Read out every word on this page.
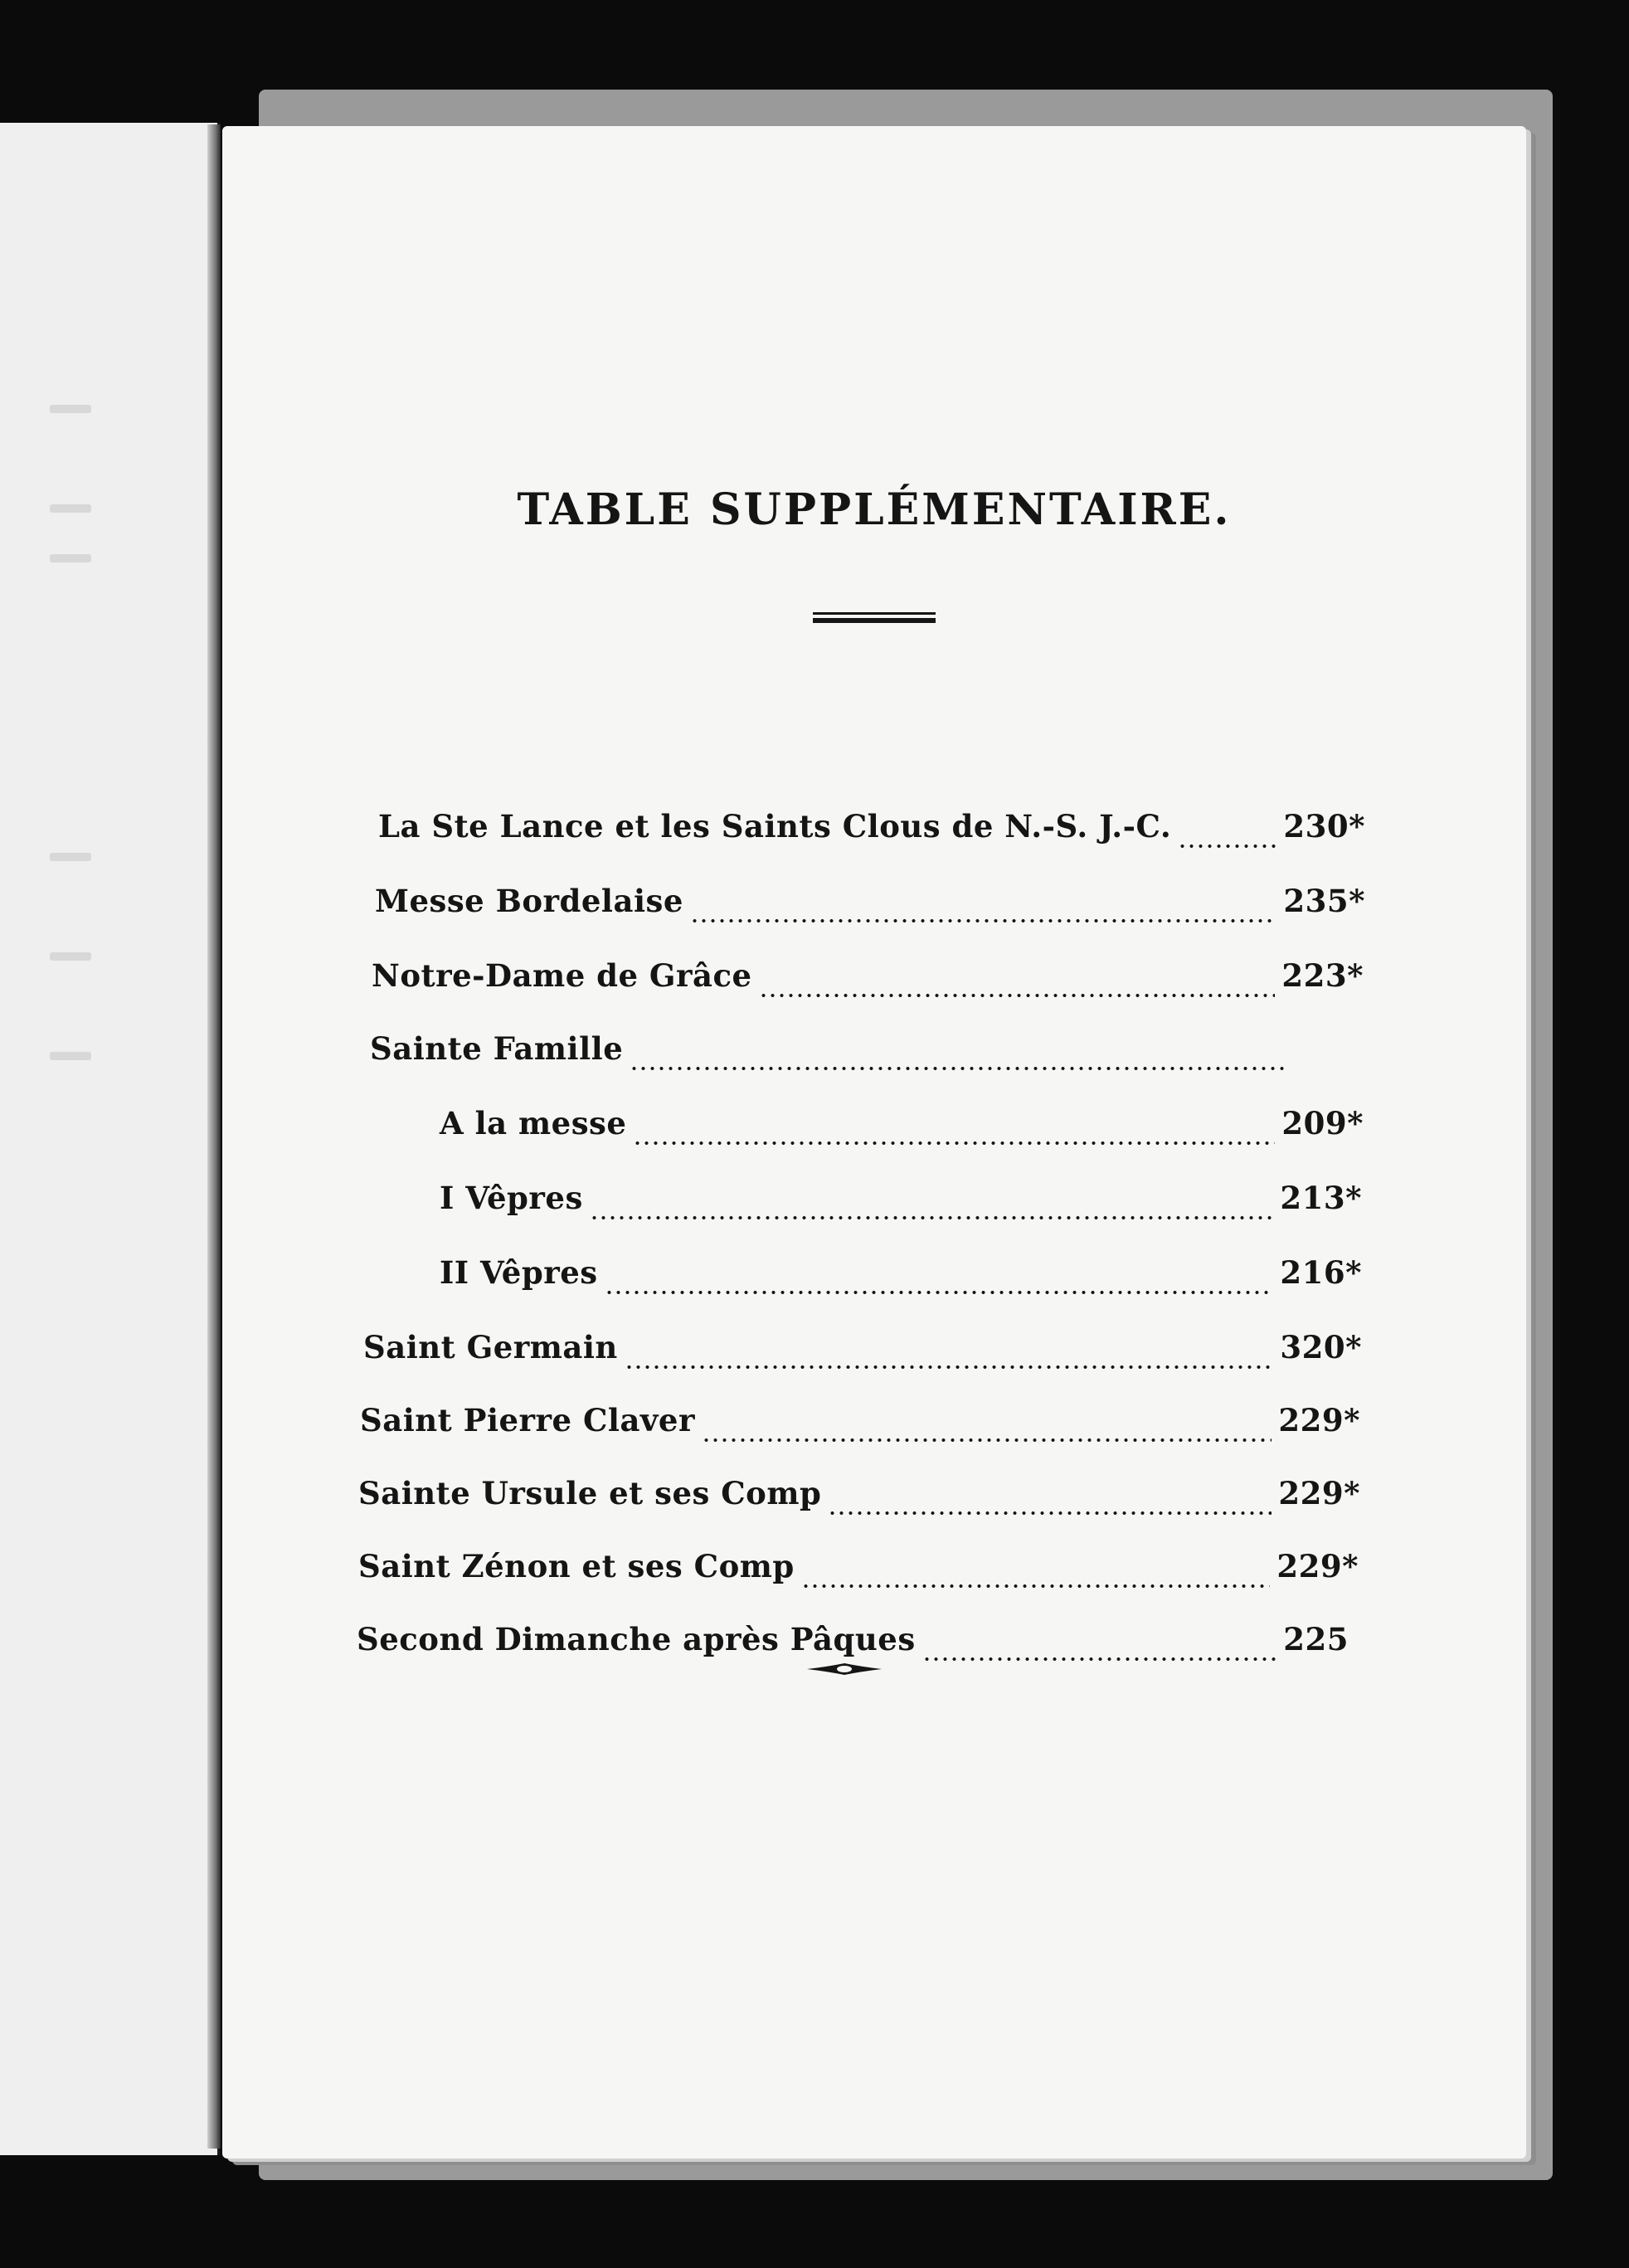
TABLE SUPPLÉMENTAIRE.
La Ste Lance et les Saints Clous de N.-S. J.-C.	230*
Messe Bordelaise	235*
Notre-Dame de Grâce	223*
Sainte Famille
A la messe	209*
I Vêpres	213*
II Vêpres	216*
Saint Germain	320*
Saint Pierre Claver	229*
Sainte Ursule et ses Comp	229*
Saint Zénon et ses Comp	229*
Second Dimanche après Pâques	225
